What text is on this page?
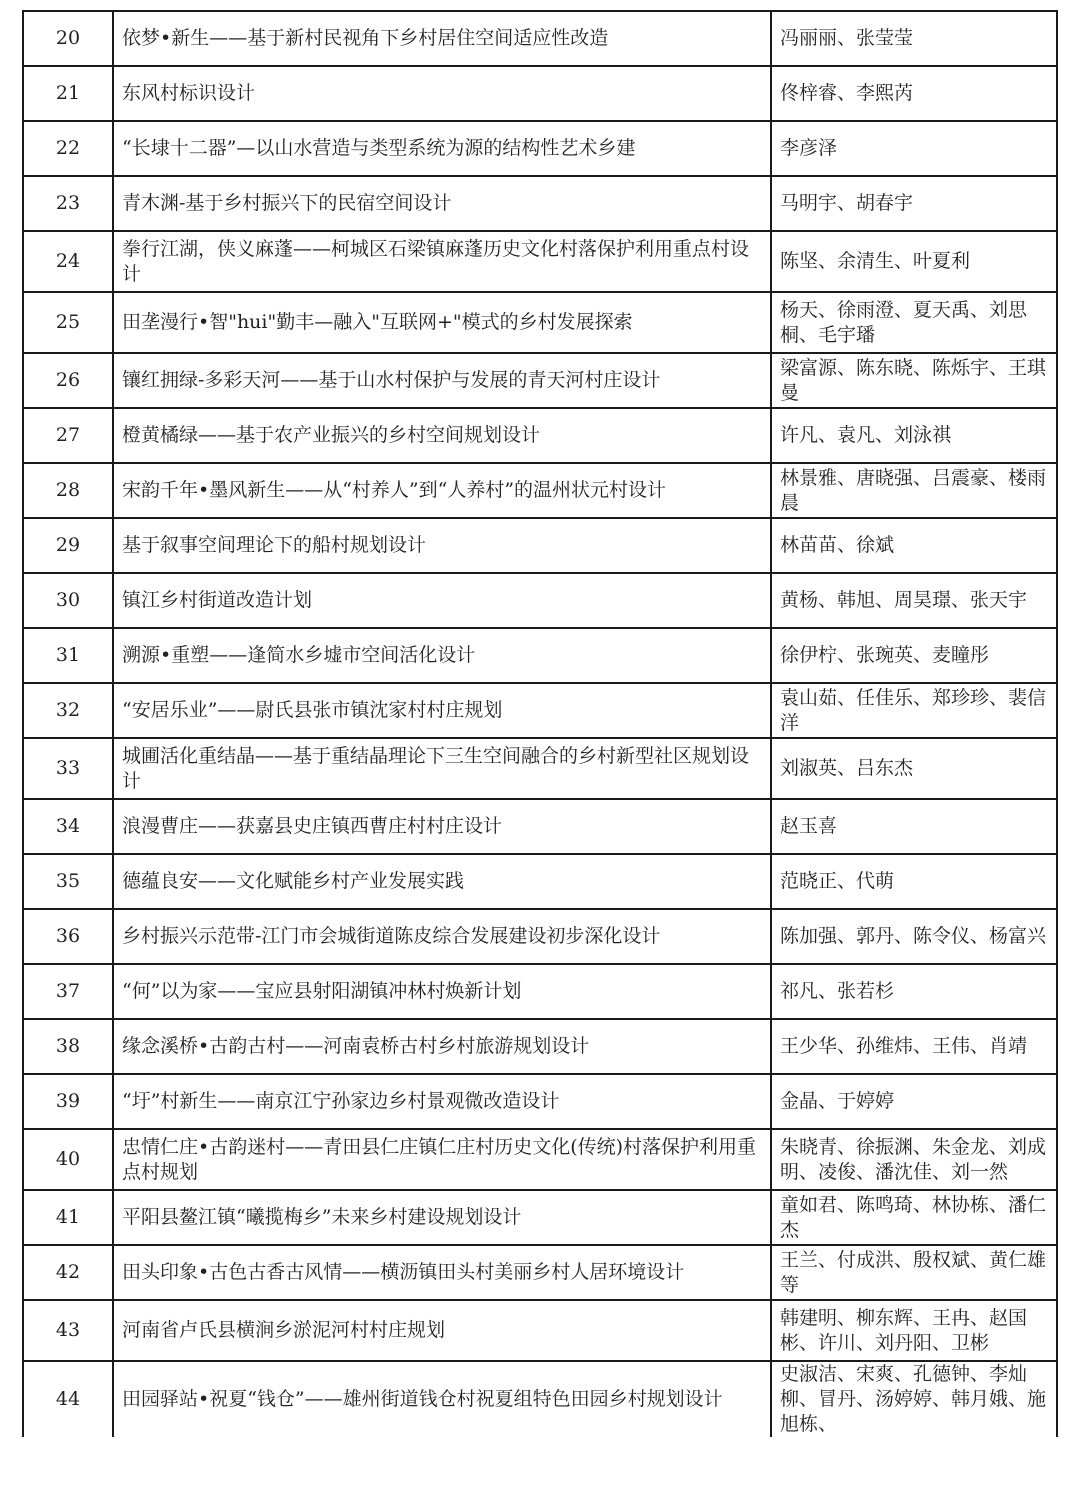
20	依梦•新生——基于新村民视角下乡村居住空间适应性改造	冯丽丽、张莹莹
21	东风村标识设计	佟梓睿、李熙芮
22	“长埭十二器”—以山水营造与类型系统为源的结构性艺术乡建	李彦泽
23	青木渊-基于乡村振兴下的民宿空间设计	马明宇、胡春宇
24	拳行江湖，侠义麻蓬——柯城区石梁镇麻蓬历史文化村落保护利用重点村设计	陈坚、余清生、叶夏利
25	田垄漫行•智"hui"勤丰—融入"互联网+"模式的乡村发展探索	杨天、徐雨澄、夏天禹、刘思桐、毛宇璠
26	镶红拥绿-多彩天河——基于山水村保护与发展的青天河村庄设计	梁富源、陈东晓、陈烁宇、王琪曼
27	橙黄橘绿——基于农产业振兴的乡村空间规划设计	许凡、袁凡、刘泳祺
28	宋韵千年•墨风新生——从“村养人”到“人养村”的温州状元村设计	林景雅、唐晓强、吕震豪、楼雨晨
29	基于叙事空间理论下的船村规划设计	林苗苗、徐斌
30	镇江乡村街道改造计划	黄杨、韩旭、周昊璟、张天宇
31	溯源•重塑——逢简水乡墟市空间活化设计	徐伊柠、张琬英、麦瞳彤
32	“安居乐业”——尉氏县张市镇沈家村村庄规划	袁山茹、任佳乐、郑珍珍、裴信洋
33	城圃活化重结晶——基于重结晶理论下三生空间融合的乡村新型社区规划设计	刘淑英、吕东杰
34	浪漫曹庄——获嘉县史庄镇西曹庄村村庄设计	赵玉喜
35	德蕴良安——文化赋能乡村产业发展实践	范晓正、代萌
36	乡村振兴示范带-江门市会城街道陈皮综合发展建设初步深化设计	陈加强、郭丹、陈令仪、杨富兴
37	“何”以为家——宝应县射阳湖镇冲林村焕新计划	祁凡、张若杉
38	缘念溪桥•古韵古村——河南袁桥古村乡村旅游规划设计	王少华、孙维炜、王伟、肖靖
39	“圩”村新生——南京江宁孙家边乡村景观微改造设计	金晶、于婷婷
40	忠情仁庄•古韵迷村——青田县仁庄镇仁庄村历史文化(传统)村落保护利用重点村规划	朱晓青、徐振渊、朱金龙、刘成明、凌俊、潘沈佳、刘一然
41	平阳县鳌江镇“曦揽梅乡”未来乡村建设规划设计	童如君、陈鸣琦、林协栋、潘仁杰
42	田头印象•古色古香古风情——横沥镇田头村美丽乡村人居环境设计	王兰、付成洪、殷权斌、黄仁雄等
43	河南省卢氏县横涧乡淤泥河村村庄规划	韩建明、柳东辉、王冉、赵国彬、许川、刘丹阳、卫彬
44	田园驿站•祝夏“钱仓”——雄州街道钱仓村祝夏组特色田园乡村规划设计	史淑洁、宋爽、孔德钟、李灿柳、冒丹、汤婷婷、韩月娥、施旭栋、
